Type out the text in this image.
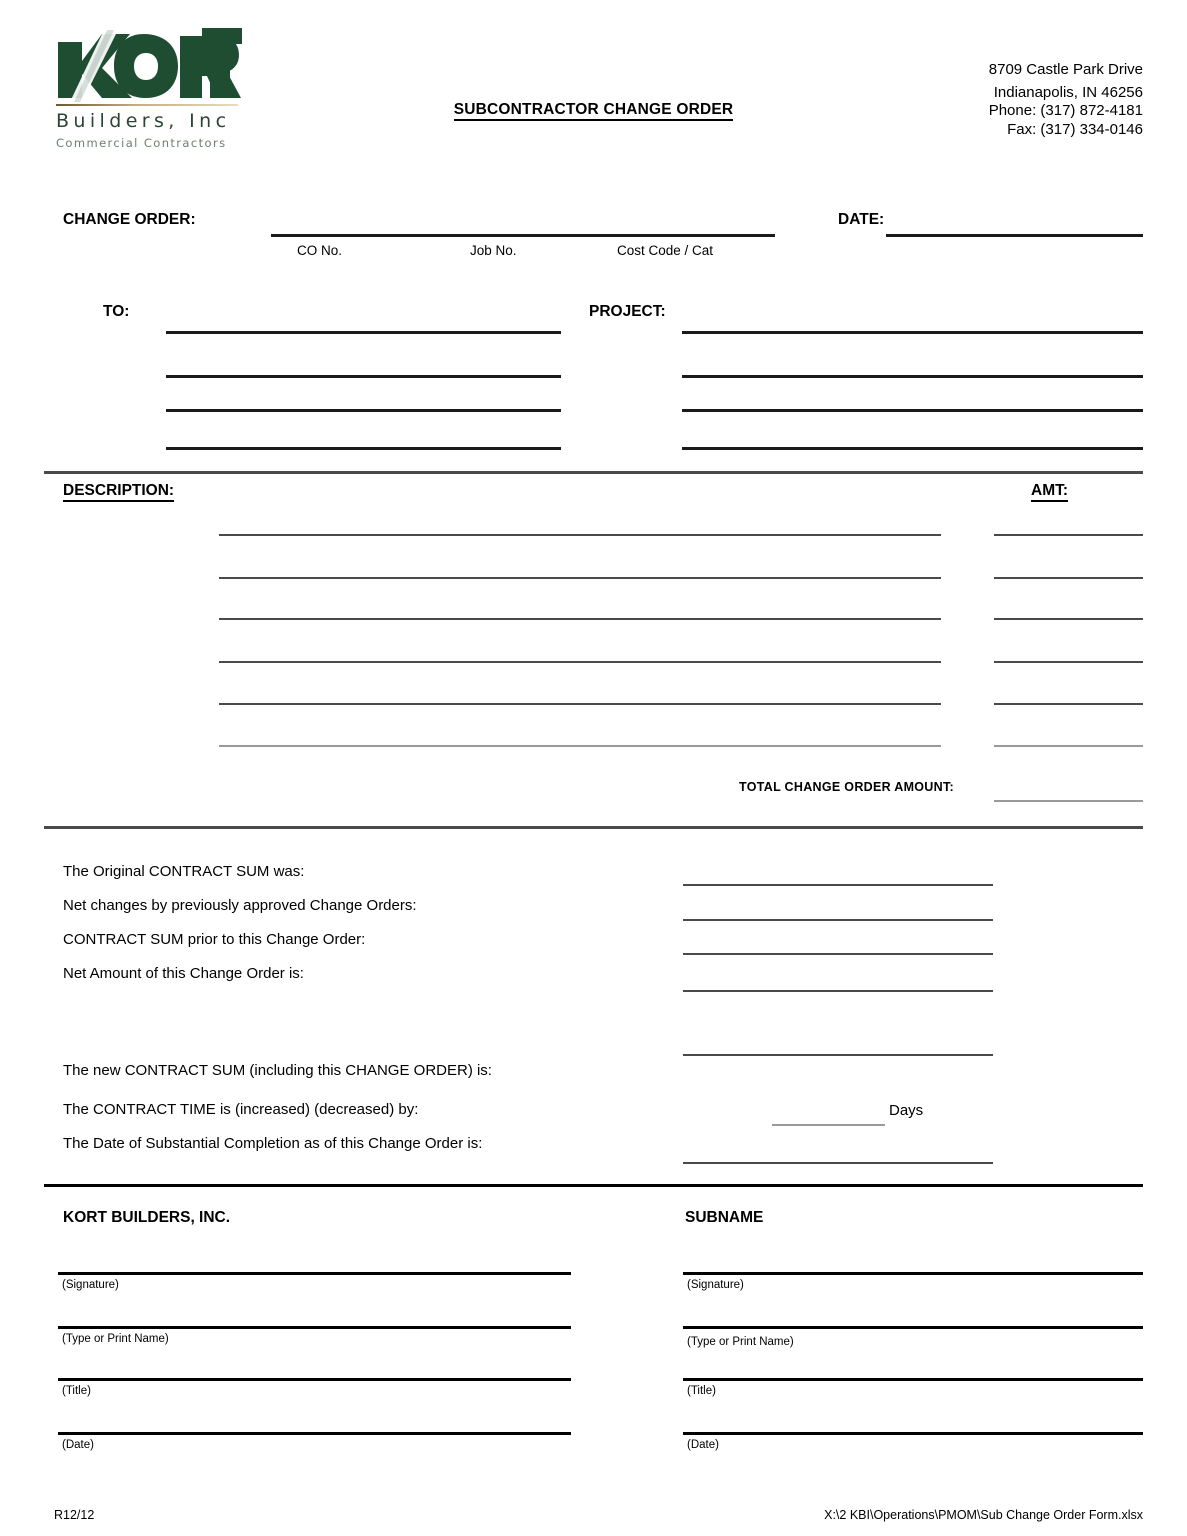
Builders, Inc
Commercial Contractors
SUBCONTRACTOR CHANGE ORDER
8709 Castle Park Drive
Indianapolis, IN 46256
Phone: (317) 872-4181
Fax: (317) 334-0146
CHANGE ORDER:	DATE:
CO No.	Job No.	Cost Code / Cat
TO:	PROJECT:
DESCRIPTION:	AMT:
TOTAL CHANGE ORDER AMOUNT:
The Original CONTRACT SUM was:
Net changes by previously approved Change Orders:
CONTRACT SUM prior to this Change Order:
Net Amount of this Change Order is:
The new CONTRACT SUM (including this CHANGE ORDER) is:
The CONTRACT TIME is (increased) (decreased) by:
The Date of Substantial Completion as of this Change Order is:
Days
KORT BUILDERS, INC.	SUBNAME
(Signature)
(Type or Print Name)
(Title)
(Date)
(Signature)
(Type or Print Name)
(Title)
(Date)
R12/12	X:\2 KBI\Operations\PMOM\Sub Change Order Form.xlsx
